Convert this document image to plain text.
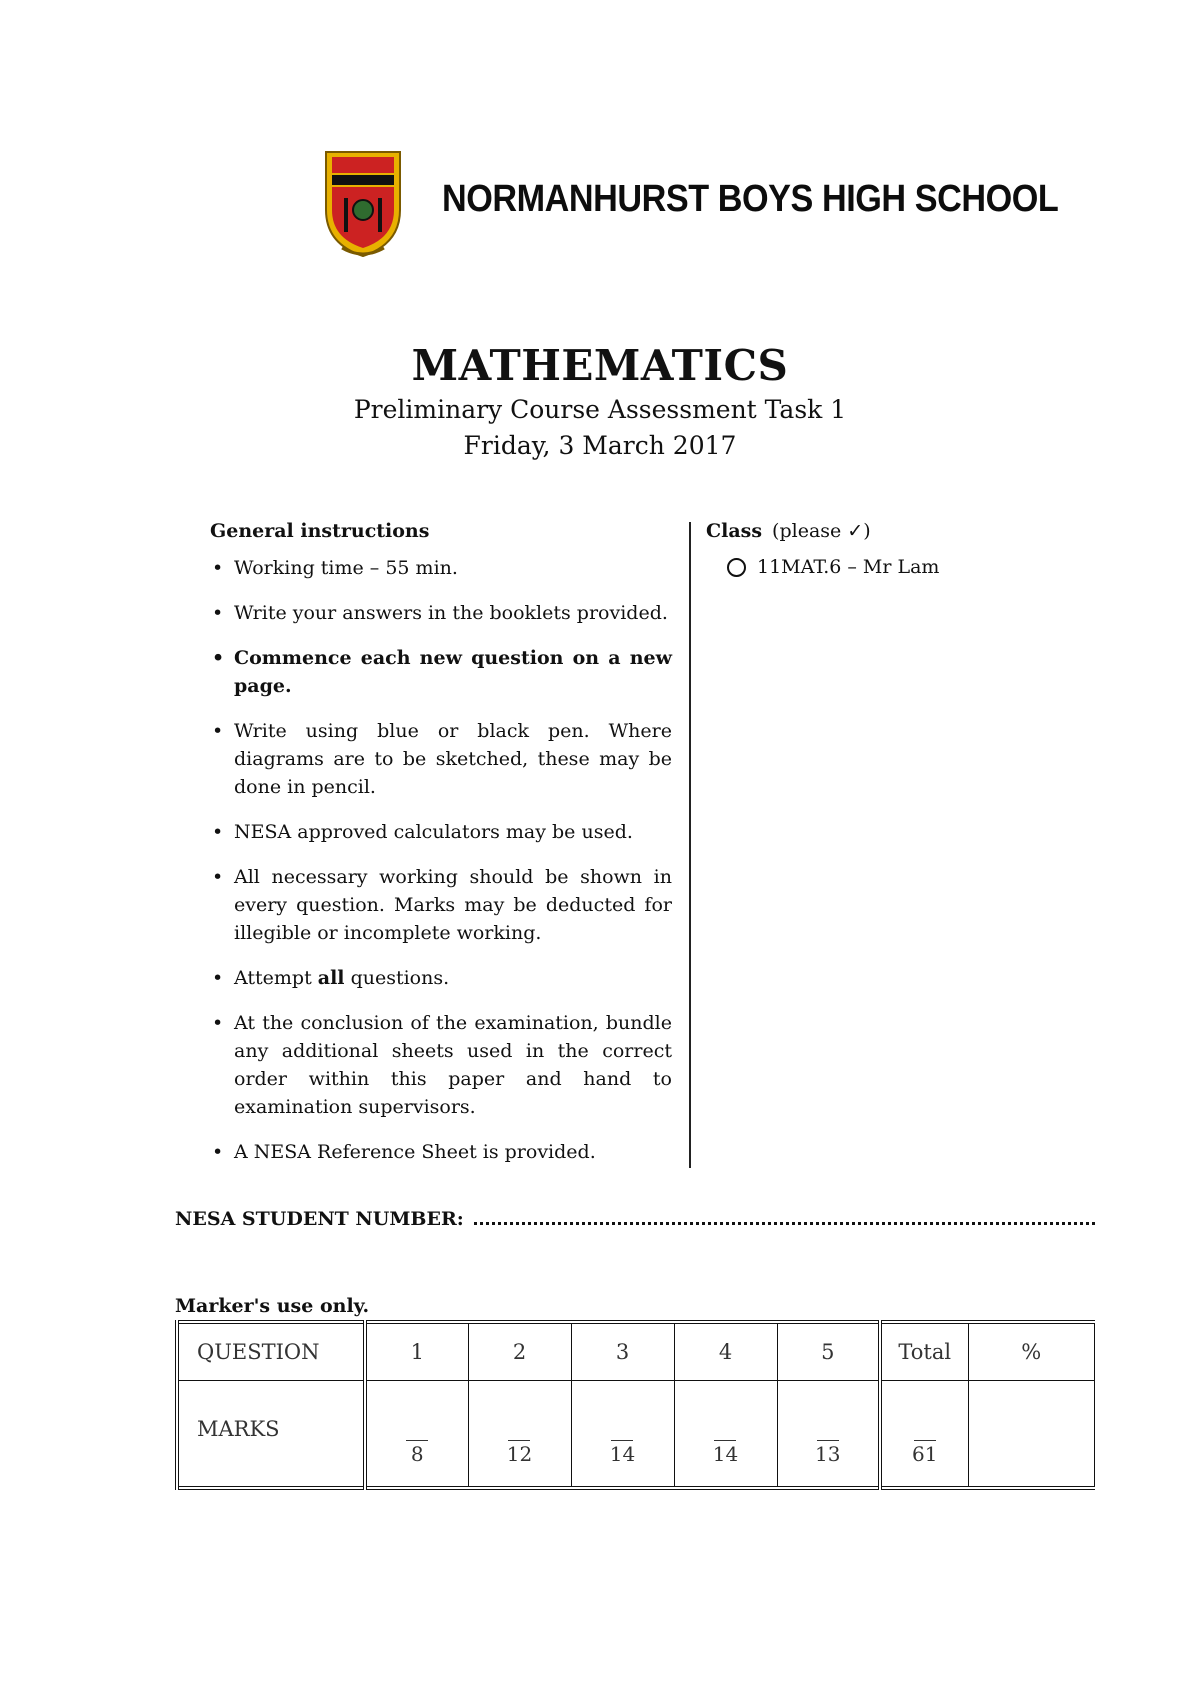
NORMANHURST BOYS HIGH SCHOOL
MATHEMATICS
Preliminary Course Assessment Task 1
Friday, 3 March 2017
General instructions
• Working time – 55 min.
• Write your answers in the booklets provided.
• Commence each new question on a new page.
• Write using blue or black pen. Where diagrams are to be sketched, these may be done in pencil.
• NESA approved calculators may be used.
• All necessary working should be shown in every question. Marks may be deducted for illegible or incomplete working.
• Attempt all questions.
• At the conclusion of the examination, bundle any additional sheets used in the correct order within this paper and hand to examination supervisors.
• A NESA Reference Sheet is provided.
Class (please ✓)
11MAT.6 – Mr Lam
NESA STUDENT NUMBER:
Marker's use only.
QUESTION	1	2	3	4	5	Total	%
MARKS	8	12	14	14	13	61	
